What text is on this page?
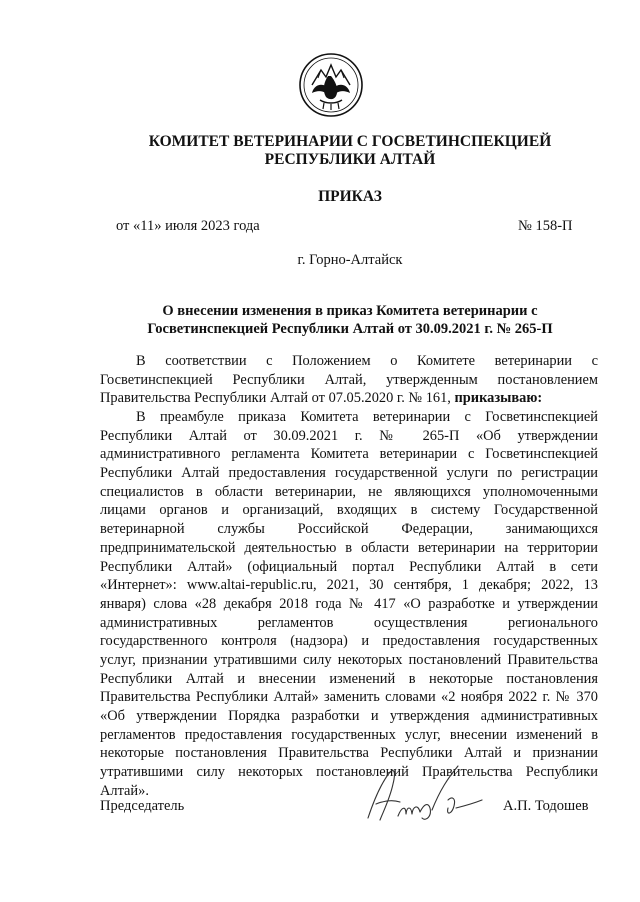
КОМИТЕТ ВЕТЕРИНАРИИ С ГОСВЕТИНСПЕКЦИЕЙ
РЕСПУБЛИКИ АЛТАЙ
ПРИКАЗ
от «11» июля 2023 года	№ 158-П
г. Горно-Алтайск
О внесении изменения в приказ Комитета ветеринарии с
Госветинспекцией Республики Алтай от 30.09.2021 г. № 265-П
В соответствии с Положением о Комитете ветеринарии с
Госветинспекцией Республики Алтай, утвержденным постановлением
Правительства Республики Алтай от 07.05.2020 г. № 161, приказываю:
В преамбуле приказа Комитета ветеринарии с Госветинспекцией
Республики Алтай от 30.09.2021 г. № 265-П «Об утверждении
административного регламента Комитета ветеринарии с Госветинспекцией
Республики Алтай предоставления государственной услуги по регистрации
специалистов в области ветеринарии, не являющихся уполномоченными
лицами органов и организаций, входящих в систему Государственной
ветеринарной службы Российской Федерации, занимающихся
предпринимательской деятельностью в области ветеринарии на территории
Республики Алтай» (официальный портал Республики Алтай в сети
«Интернет»: www.altai-republic.ru, 2021, 30 сентября, 1 декабря; 2022, 13
января) слова «28 декабря 2018 года № 417 «О разработке и утверждении
административных регламентов осуществления регионального
государственного контроля (надзора) и предоставления государственных
услуг, признании утратившими силу некоторых постановлений Правительства
Республики Алтай и внесении изменений в некоторые постановления
Правительства Республики Алтай» заменить словами «2 ноября 2022 г. № 370
«Об утверждении Порядка разработки и утверждения административных
регламентов предоставления государственных услуг, внесении изменений в
некоторые постановления Правительства Республики Алтай и признании
утратившими силу некоторых постановлений Правительства Республики
Алтай».
Председатель	А.П. Тодошев
